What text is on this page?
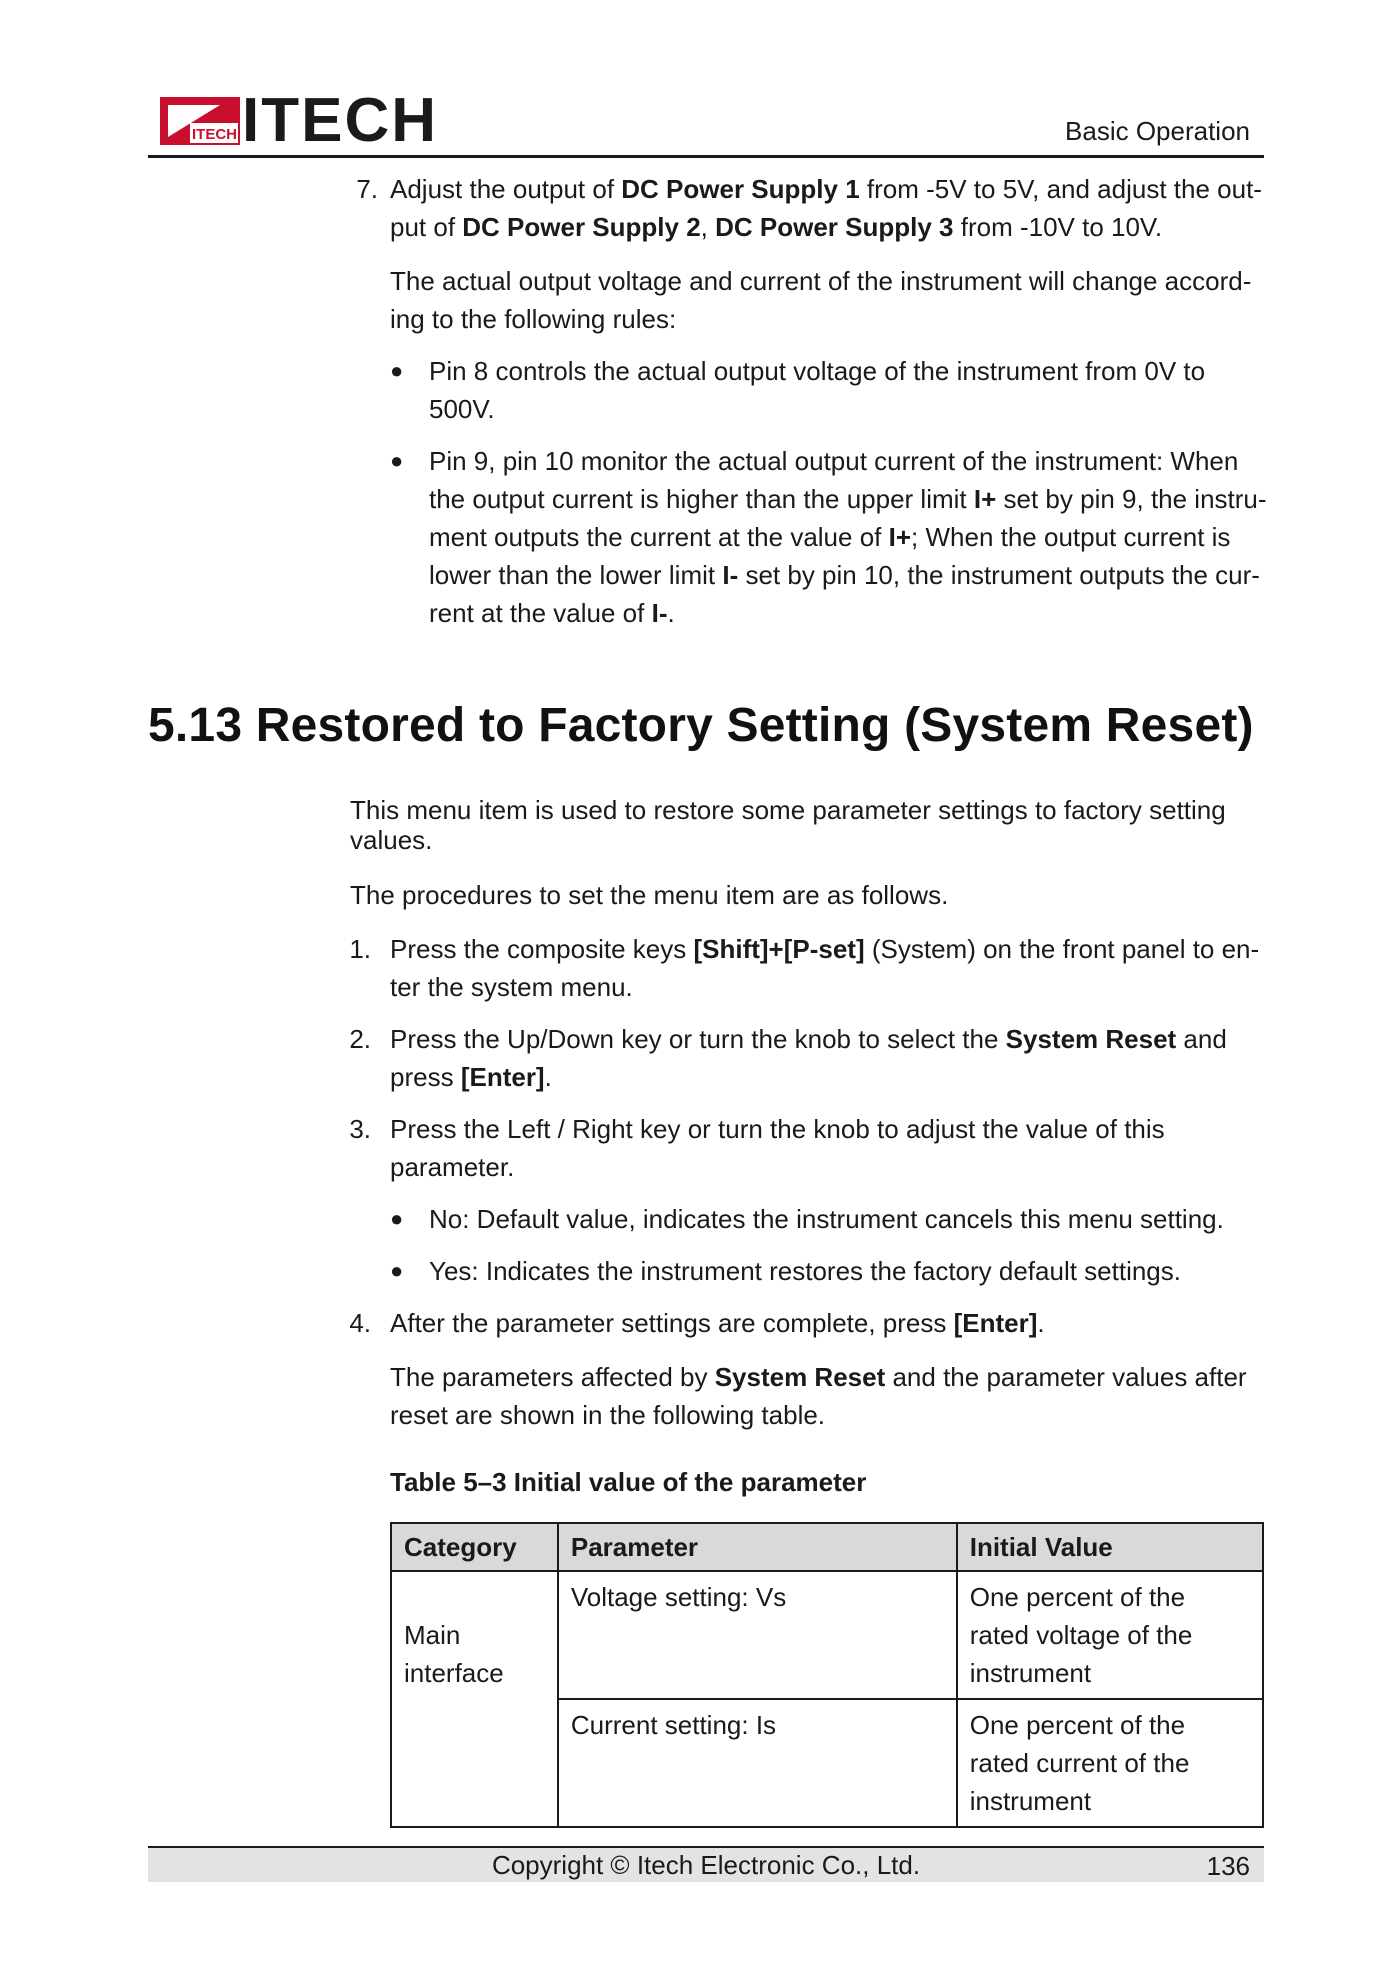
ITECH ITECH	Basic Operation
7. Adjust the output of DC Power Supply 1 from -5V to 5V, and adjust the out-
put of DC Power Supply 2, DC Power Supply 3 from -10V to 10V.
The actual output voltage and current of the instrument will change accord-
ing to the following rules:
● Pin 8 controls the actual output voltage of the instrument from 0V to
500V.
● Pin 9, pin 10 monitor the actual output current of the instrument: When
the output current is higher than the upper limit I+ set by pin 9, the instru-
ment outputs the current at the value of I+; When the output current is
lower than the lower limit I- set by pin 10, the instrument outputs the cur-
rent at the value of I-.
5.13 Restored to Factory Setting (System Reset)
This menu item is used to restore some parameter settings to factory setting
values.
The procedures to set the menu item are as follows.
1. Press the composite keys [Shift]+[P-set] (System) on the front panel to en-
ter the system menu.
2. Press the Up/Down key or turn the knob to select the System Reset and
press [Enter].
3. Press the Left / Right key or turn the knob to adjust the value of this
parameter.
● No: Default value, indicates the instrument cancels this menu setting.
● Yes: Indicates the instrument restores the factory default settings.
4. After the parameter settings are complete, press [Enter].
The parameters affected by System Reset and the parameter values after
reset are shown in the following table.
Table 5–3 Initial value of the parameter
Category	Parameter	Initial Value
Main interface	Voltage setting: Vs	One percent of the rated voltage of the instrument
	Current setting: Is	One percent of the rated current of the instrument
Copyright © Itech Electronic Co., Ltd.	136
